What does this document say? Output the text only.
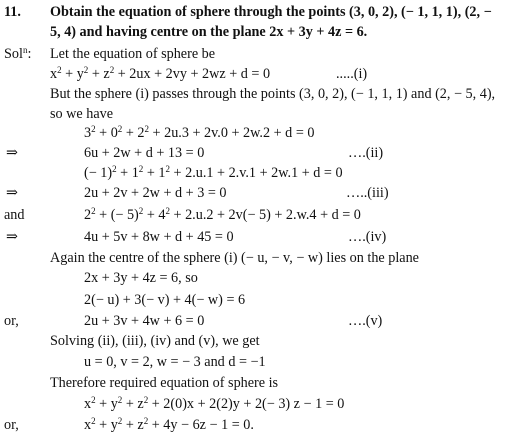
11. Obtain the equation of sphere through the points (3, 0, 2), (− 1, 1, 1), (2, −
5, 4) and having centre on the plane 2x + 3y + 4z = 6.
Sol$^n$: Let the equation of sphere be
$x^2 + y^2 + z^2 + 2ux + 2vy + 2wz + d = 0$	.....(i)
But the sphere (i) passes through the points (3, 0, 2), (− 1, 1, 1) and (2, − 5, 4),
so we have
$3^2 + 0^2 + 2^2 + 2u.3 + 2v.0 + 2w.2 + d = 0$
⇒	6u + 2w + d + 13 = 0	….(ii)
(− $1)^2 + 1^2 + 1^2 + 2.u.1 + 2.v.1 + 2w.1 + d = 0$
⇒	2u + 2v + 2w + d + 3 = 0	…..(iii)
and	$2^2$ + (− $5)^2 + 4^2 + 2.u.2 + 2v(- 5) + 2.w.4 + d = 0$
⇒	4u + 5v + 8w + d + 45 = 0	….(iv)
Again the centre of the sphere (i) (− u, − v, − w) lies on the plane
2x + 3y + 4z = 6, so
2(− u) + 3(− v) + 4(− w) = 6
or,	2u + 3v + 4w + 6 = 0	….(v)
Solving (ii), (iii), (iv) and (v), we get
u = 0, v = 2, w = − 3 and d = −1
Therefore required equation of sphere is
$x^2 + y^2 + z^2 + 2(0)x + 2(2)y + 2(- 3) z - 1 = 0$
or,	$x^2 + y^2 + z^2 + 4y - 6z - 1 = 0$.
